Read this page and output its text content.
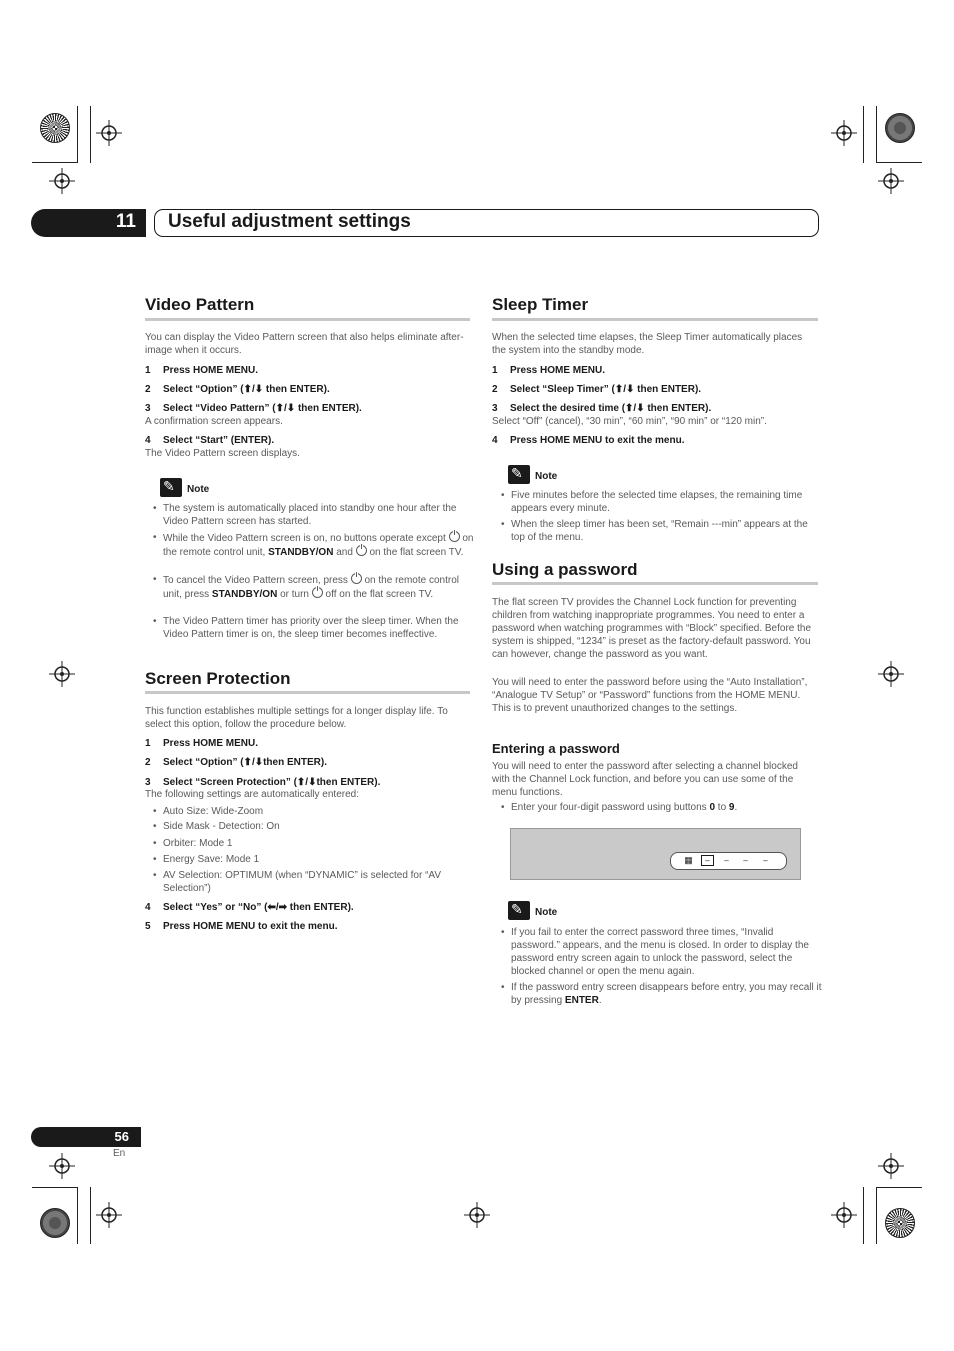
11 Useful adjustment settings
Video Pattern
You can display the Video Pattern screen that also helps eliminate after-image when it occurs.
1 Press HOME MENU.
2 Select “Option” (⬆/⬇ then ENTER).
3 Select “Video Pattern” (⬆/⬇ then ENTER).
A confirmation screen appears.
4 Select “Start” (ENTER).
The Video Pattern screen displays.
✎ Note
• The system is automatically placed into standby one hour after the Video Pattern screen has started.
• While the Video Pattern screen is on, no buttons operate except on the remote control unit, STANDBY/ON and on the flat screen TV.
• To cancel the Video Pattern screen, press on the remote control unit, press STANDBY/ON or turn off on the flat screen TV.
• The Video Pattern timer has priority over the sleep timer. When the Video Pattern timer is on, the sleep timer becomes ineffective.
Screen Protection
This function establishes multiple settings for a longer display life. To select this option, follow the procedure below.
1 Press HOME MENU.
2 Select “Option” (⬆/⬇then ENTER).
3 Select “Screen Protection” (⬆/⬇then ENTER).
The following settings are automatically entered:
• Auto Size: Wide-Zoom
• Side Mask - Detection: On
• Orbiter: Mode 1
• Energy Save: Mode 1
• AV Selection: OPTIMUM (when “DYNAMIC” is selected for “AV Selection”)
4 Select “Yes” or “No” (⬅/➡ then ENTER).
5 Press HOME MENU to exit the menu.
Sleep Timer
When the selected time elapses, the Sleep Timer automatically places the system into the standby mode.
1 Press HOME MENU.
2 Select “Sleep Timer” (⬆/⬇ then ENTER).
3 Select the desired time (⬆/⬇ then ENTER).
Select “Off” (cancel), “30 min”, “60 min”, “90 min” or “120 min”.
4 Press HOME MENU to exit the menu.
✎ Note
• Five minutes before the selected time elapses, the remaining time appears every minute.
• When the sleep timer has been set, “Remain ---min” appears at the top of the menu.
Using a password
The flat screen TV provides the Channel Lock function for preventing children from watching inappropriate programmes. You need to enter a password when watching programmes with “Block” specified. Before the system is shipped, “1234” is preset as the factory-default password. You can however, change the password as you want.
You will need to enter the password before using the “Auto Installation”, “Analogue TV Setup” or “Password” functions from the HOME MENU. This is to prevent unauthorized changes to the settings.
Entering a password
You will need to enter the password after selecting a channel blocked with the Channel Lock function, and before you can use some of the menu functions.
• Enter your four-digit password using buttons 0 to 9.
▦	–	–	–	–
✎ Note
• If you fail to enter the correct password three times, “Invalid password.” appears, and the menu is closed. In order to display the password entry screen again to unlock the password, select the blocked channel or open the menu again.
• If the password entry screen disappears before entry, you may recall it by pressing ENTER.
56
En
